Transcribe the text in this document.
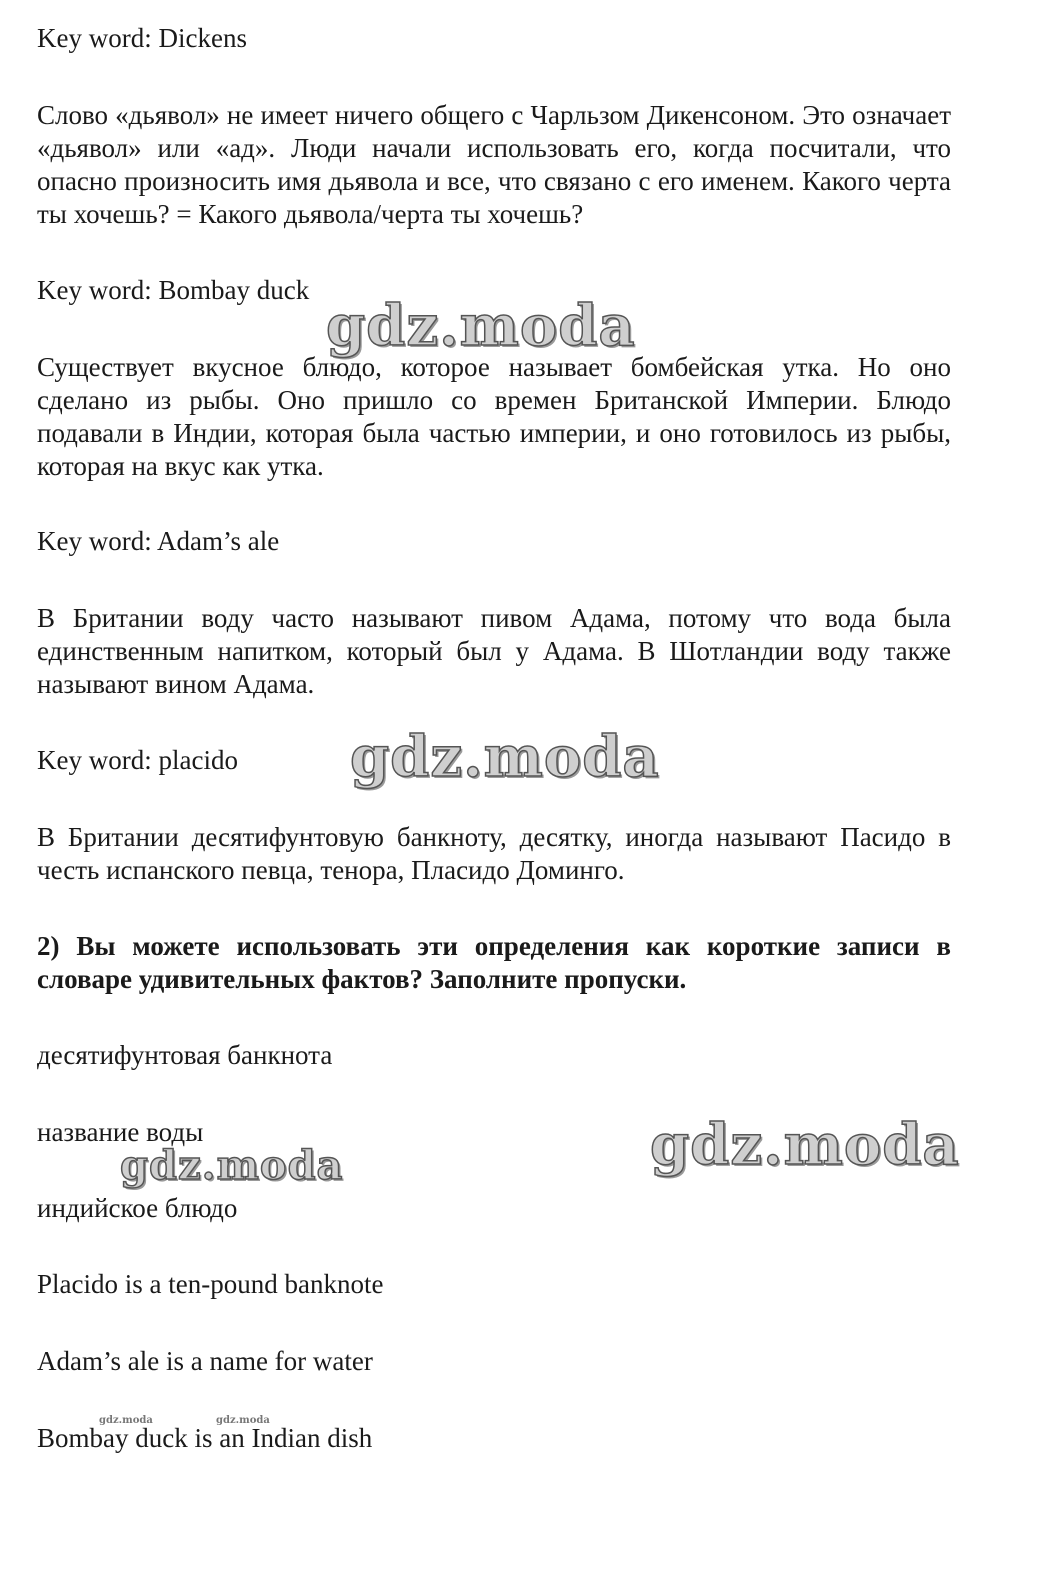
Key word: Dickens
Слово «дьявол» не имеет ничего общего с Чарльзом Дикенсоном. Это означает «дьявол» или «ад». Люди начали использовать его, когда посчитали, что опасно произносить имя дьявола и все, что связано с его именем. Какого черта ты хочешь? = Какого дьявола/черта ты хочешь?
Key word: Bombay duck
gdz.moda
Существует вкусное блюдо, которое называет бомбейская утка. Но оно сделано из рыбы. Оно пришло со времен Британской Империи. Блюдо подавали в Индии, которая была частью империи, и оно готовилось из рыбы, которая на вкус как утка.
Key word: Adam’s ale
В Британии воду часто называют пивом Адама, потому что вода была единственным напитком, который был у Адама. В Шотландии воду также называют вином Адама.
Key word: placido gdz.moda
В Британии десятифунтовую банкноту, десятку, иногда называют Пасидо в честь испанского певца, тенора, Пласидо Доминго.
2) Вы можете использовать эти определения как короткие записи в словаре удивительных фактов? Заполните пропуски.
десятифунтовая банкнота
название воды
gdz.moda	gdz.moda
индийское блюдо
Placido is a ten-pound banknote
Adam’s ale is a name for water
gdz.moda	gdz.moda
Bombay duck is an Indian dish
